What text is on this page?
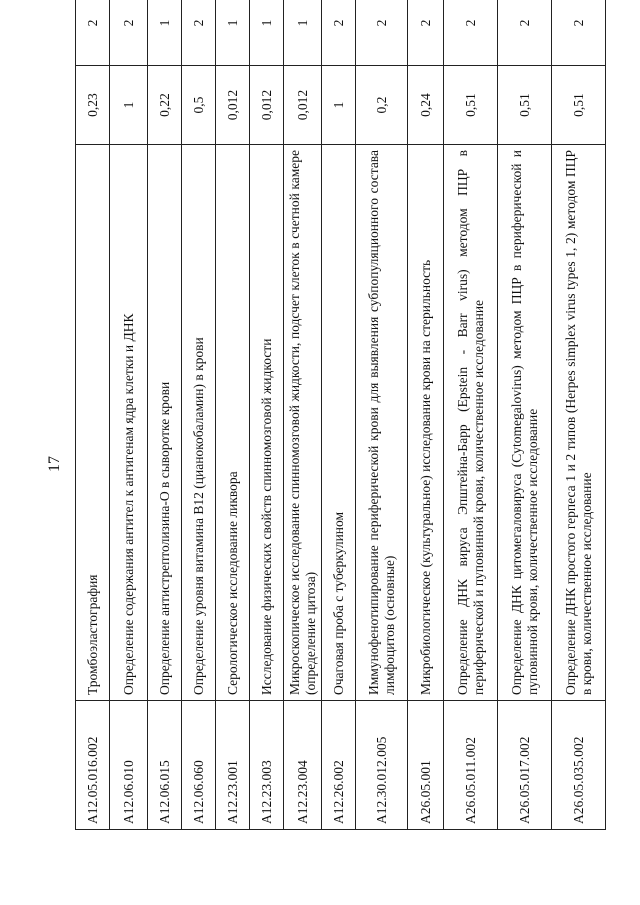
A12.05.016.002	Тромбоэластография	0,23	2
A12.06.010	Определение содержания антител к антигенам ядра клетки и ДНК	1	2
A12.06.015	Определение антистрептолизина-О в сыворотке крови	0,22	1
A12.06.060	Определение уровня витамина B12 (цианокобаламин) в крови	0,5	2
A12.23.001	Серологическое исследование ликвора	0,012	1
A12.23.003	Исследование физических свойств спинномозговой жидкости	0,012	1
A12.23.004	Микроскопическое исследование спинномозговой жидкости, подсчет клеток в счетной камере (определение цитоза)	0,012	1
A12.26.002	Очаговая проба с туберкулином	1	2
A12.30.012.005	Иммунофенотипирование периферической крови для выявления субпопуляционного состава лимфоцитов (основные)	0,2	2
A26.05.001	Микробиологическое (культуральное) исследование крови на стерильность	0,24	2
A26.05.011.002	Определение ДНК вируса Эпштейна-Барр (Epstein - Barr virus) методом ПЦР в периферической и пуповинной крови, количественное исследование	0,51	2
A26.05.017.002	Определение ДНК цитомегаловируса (Cytomegalovirus) методом ПЦР в периферической и пуповинной крови, количественное исследование	0,51	2
A26.05.035.002	Определение ДНК простого герпеса 1 и 2 типов (Herpes simplex virus types 1, 2) методом ПЦР в крови, количественное исследование	0,51	2
17
